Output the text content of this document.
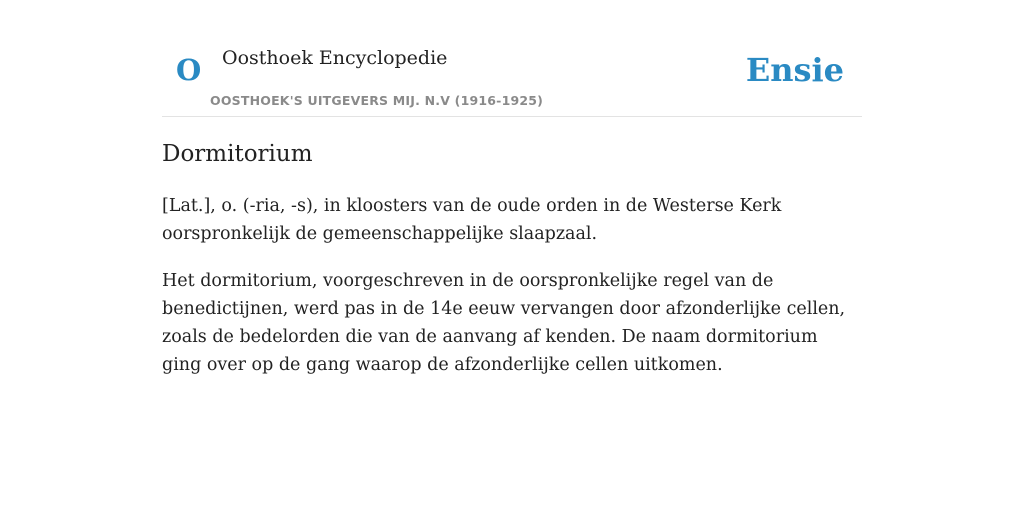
O Oosthoek Encyclopedie
OOSTHOEK'S UITGEVERS MIJ. N.V (1916-1925)
Ensie
Dormitorium

[Lat.], o. (-ria, -s), in kloosters van de oude orden in de Westerse Kerk oorspronkelijk de gemeenschappelijke slaapzaal.

Het dormitorium, voorgeschreven in de oorspronkelijke regel van de benedictijnen, werd pas in de 14e eeuw vervangen door afzonderlijke cellen, zoals de bedelorden die van de aanvang af kenden. De naam dormitorium ging over op de gang waarop de afzonderlijke cellen uitkomen.
